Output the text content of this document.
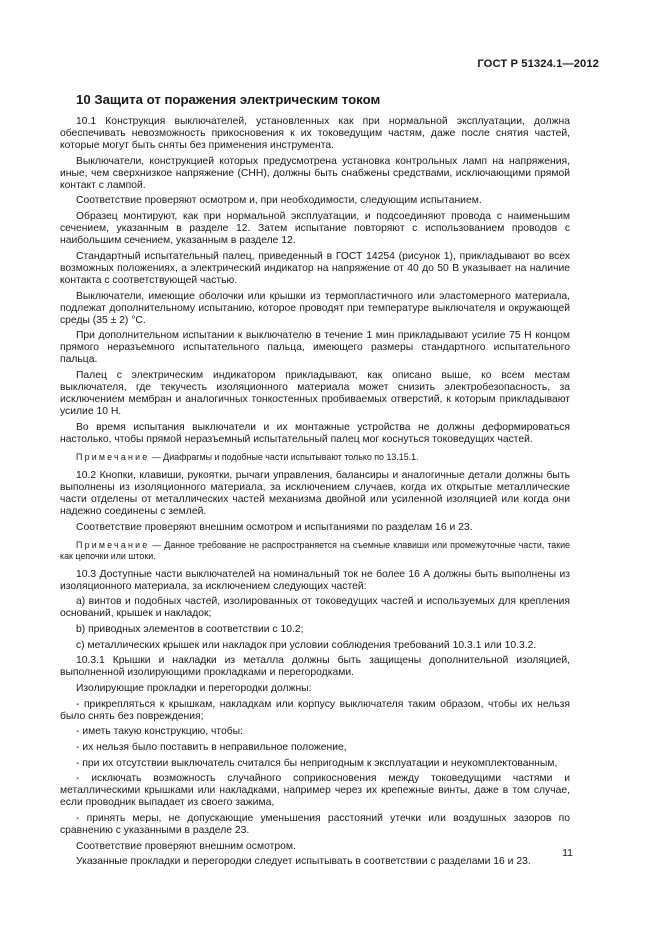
ГОСТ Р 51324.1—2012
10 Защита от поражения электрическим током

10.1 Конструкция выключателей, установленных как при нормальной эксплуатации, должна обеспечивать невозможность прикосновения к их токоведущим частям, даже после снятия частей, которые могут быть сняты без применения инструмента.

Выключатели, конструкцией которых предусмотрена установка контрольных ламп на напряжения, иные, чем сверхнизкое напряжение (СНН), должны быть снабжены средствами, исключающими прямой контакт с лампой.

Соответствие проверяют осмотром и, при необходимости, следующим испытанием.

Образец монтируют, как при нормальной эксплуатации, и подсоединяют провода с наименьшим сечением, указанным в разделе 12. Затем испытание повторяют с использованием проводов с наибольшим сечением, указанным в разделе 12.

Стандартный испытательный палец, приведенный в ГОСТ 14254 (рисунок 1), прикладывают во всех возможных положениях, а электрический индикатор на напряжение от 40 до 50 В указывает на наличие контакта с соответствующей частью.

Выключатели, имеющие оболочки или крышки из термопластичного или эластомерного материала, подлежат дополнительному испытанию, которое проводят при температуре выключателя и окружающей среды (35 ± 2) °С.

При дополнительном испытании к выключателю в течение 1 мин прикладывают усилие 75 Н концом прямого неразъемного испытательного пальца, имеющего размеры стандартного испытательного пальца.

Палец с электрическим индикатором прикладывают, как описано выше, ко всем местам выключателя, где текучесть изоляционного материала может снизить электробезопасность, за исключением мембран и аналогичных тонкостенных пробиваемых отверстий, к которым прикладывают усилие 10 Н.

Во время испытания выключатели и их монтажные устройства не должны деформироваться настолько, чтобы прямой неразъемный испытательный палец мог коснуться токоведущих частей.

Примечание — Диафрагмы и подобные части испытывают только по 13.15.1.

10.2 Кнопки, клавиши, рукоятки, рычаги управления, балансиры и аналогичные детали должны быть выполнены из изоляционного материала, за исключением случаев, когда их открытые металлические части отделены от металлических частей механизма двойной или усиленной изоляцией или когда они надежно соединены с землей.

Соответствие проверяют внешним осмотром и испытаниями по разделам 16 и 23.

Примечание — Данное требование не распространяется на съемные клавиши или промежуточные части, такие как цепочки или штоки.

10.3 Доступные части выключателей на номинальный ток не более 16 А должны быть выполнены из изоляционного материала, за исключением следующих частей:

а) винтов и подобных частей, изолированных от токоведущих частей и используемых для крепления оснований, крышек и накладок;

b) приводных элементов в соответствии с 10.2;

c) металлических крышек или накладок при условии соблюдения требований 10.3.1 или 10.3.2.

10.3.1 Крышки и накладки из металла должны быть защищены дополнительной изоляцией, выполненной изолирующими прокладками и перегородками.

Изолирующие прокладки и перегородки должны:

- прикрепляться к крышкам, накладкам или корпусу выключателя таким образом, чтобы их нельзя было снять без повреждения;

- иметь такую конструкцию, чтобы:

- их нельзя было поставить в неправильное положение,

- при их отсутствии выключатель считался бы непригодным к эксплуатации и неукомплектованным,

- исключать возможность случайного соприкосновения между токоведущими частями и металлическими крышками или накладками, например через их крепежные винты, даже в том случае, если проводник выпадает из своего зажима,

- принять меры, не допускающие уменьшения расстояний утечки или воздушных зазоров по сравнению с указанными в разделе 23.

Соответствие проверяют внешним осмотром.

Указанные прокладки и перегородки следует испытывать в соответствии с разделами 16 и 23.

11
